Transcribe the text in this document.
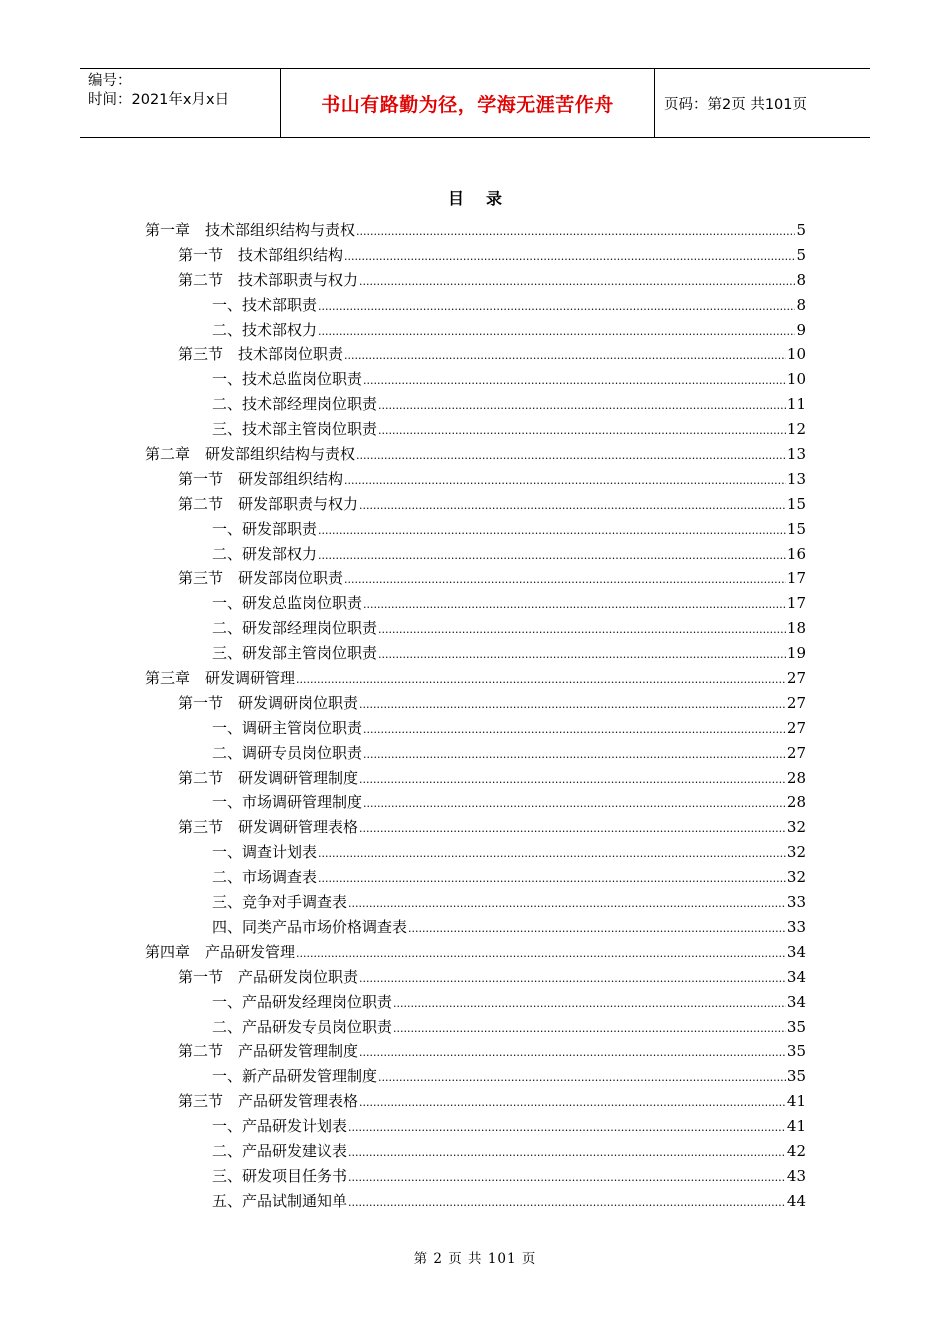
编号：
时间：2021年x月x日	书山有路勤为径，学海无涯苦作舟	页码：第2页 共101页
目录
第一章　技术部组织结构与责权 .....	5
第一节　技术部组织结构 .....	5
第二节　技术部职责与权力 .....	8
一、技术部职责 .....	8
二、技术部权力 .....	9
第三节　技术部岗位职责 .....	10
一、技术总监岗位职责 .....	10
二、技术部经理岗位职责 .....	11
三、技术部主管岗位职责 .....	12
第二章　研发部组织结构与责权 .....	13
第一节　研发部组织结构 .....	13
第二节　研发部职责与权力 .....	15
一、研发部职责 .....	15
二、研发部权力 .....	16
第三节　研发部岗位职责 .....	17
一、研发总监岗位职责 .....	17
二、研发部经理岗位职责 .....	18
三、研发部主管岗位职责 .....	19
第三章　研发调研管理 .....	27
第一节　研发调研岗位职责 .....	27
一、调研主管岗位职责 .....	27
二、调研专员岗位职责 .....	27
第二节　研发调研管理制度 .....	28
一、市场调研管理制度 .....	28
第三节　研发调研管理表格 .....	32
一、调查计划表 .....	32
二、市场调查表 .....	32
三、竞争对手调查表 .....	33
四、同类产品市场价格调查表 .....	33
第四章　产品研发管理 .....	34
第一节　产品研发岗位职责 .....	34
一、产品研发经理岗位职责 .....	34
二、产品研发专员岗位职责 .....	35
第二节　产品研发管理制度 .....	35
一、新产品研发管理制度 .....	35
第三节　产品研发管理表格 .....	41
一、产品研发计划表 .....	41
二、产品研发建议表 .....	42
三、研发项目任务书 .....	43
五、产品试制通知单 .....	44
第 2 页 共 101 页
